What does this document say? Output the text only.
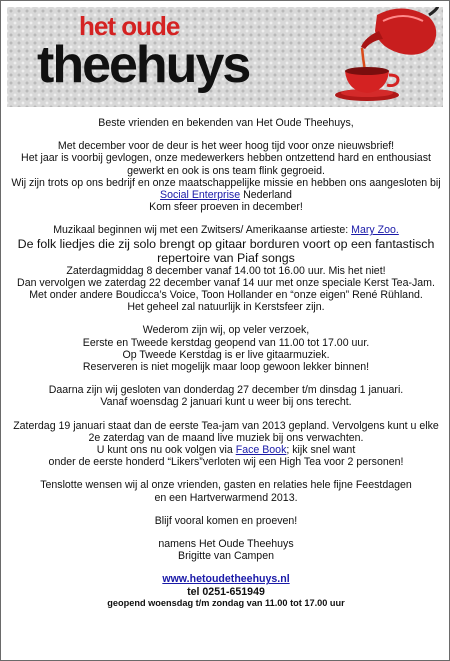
het oude
theehuys

Beste vrienden en bekenden van Het Oude Theehuys,

Met december voor de deur is het weer hoog tijd voor onze nieuwsbrief!

Het jaar is voorbij gevlogen, onze medewerkers hebben ontzettend hard en enthousiast

gewerkt en ook is ons team flink gegroeid.

Wij zijn trots op ons bedrijf en onze maatschappelijke missie en hebben ons aangesloten bij

Social Enterprise Nederland

Kom sfeer proeven in december!

Muzikaal beginnen wij met een Zwitsers/ Amerikaanse artieste: Mary Zoo.

De folk liedjes die zij solo brengt op gitaar borduren voort op een fantastisch

repertoire van Piaf songs

Zaterdagmiddag 8 december vanaf 14.00 tot 16.00 uur. Mis het niet!

Dan vervolgen we zaterdag 22 december vanaf 14 uur met onze speciale Kerst Tea-Jam.

Met onder andere Boudicca’s Voice, Toon Hollander en “onze eigen” René Rühland.

Het geheel zal natuurlijk in Kerstsfeer zijn.

Wederom zijn wij, op veler verzoek,

Eerste en Tweede kerstdag geopend van 11.00 tot 17.00 uur.

Op Tweede Kerstdag is er live gitaarmuziek.

Reserveren is niet mogelijk maar loop gewoon lekker binnen!

Daarna zijn wij gesloten van donderdag 27 december t/m dinsdag 1 januari.

Vanaf woensdag 2 januari kunt u weer bij ons terecht.

Zaterdag 19 januari staat dan de eerste Tea-jam van 2013 gepland. Vervolgens kunt u elke

2e zaterdag van de maand live muziek bij ons verwachten.

U kunt ons nu ook volgen via Face Book; kijk snel want

onder de eerste honderd “Likers”verloten wij een High Tea voor 2 personen!

Tenslotte wensen wij al onze vrienden, gasten en relaties hele fijne Feestdagen

en een Hartverwarmend 2013.

Blijf vooral komen en proeven!

namens Het Oude Theehuys

Brigitte van Campen

www.hetoudetheehuys.nl

tel 0251-651949

geopend woensdag t/m zondag van 11.00 tot 17.00 uur
